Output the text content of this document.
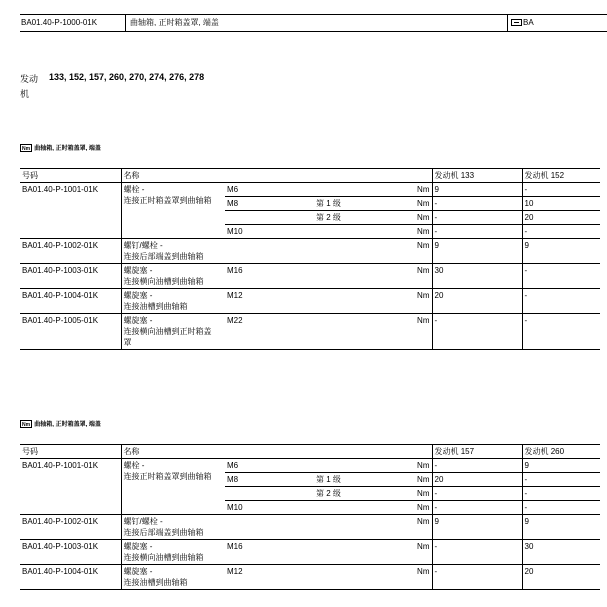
BA01.40-P-1000-01K	曲轴箱, 正时箱盖罩, 端盖	BA
发动
机
133, 152, 157, 260, 270, 274, 276, 278
Nm 曲轴箱, 正时箱盖罩, 端盖
号码	名称				发动机 133	发动机 152
BA01.40-P-1001-01K	螺栓 -
连接正时箱盖罩到曲轴箱	M6		Nm	9	-
		M8	第 1 级	Nm	-	10
			第 2 级	Nm	-	20
		M10		Nm	-	-
BA01.40-P-1002-01K	螺钉/螺栓 -
连接后部端盖到曲轴箱			Nm	9	9
BA01.40-P-1003-01K	螺旋塞 -
连接横向油槽到曲轴箱	M16		Nm	30	-
BA01.40-P-1004-01K	螺旋塞 -
连接油槽到曲轴箱	M12		Nm	20	-
BA01.40-P-1005-01K	螺旋塞 -
连接横向油槽到正时箱盖
罩	M22		Nm	-	-
Nm 曲轴箱, 正时箱盖罩, 端盖
号码	名称				发动机 157	发动机 260
BA01.40-P-1001-01K	螺栓 -
连接正时箱盖罩到曲轴箱	M6		Nm	-	9
		M8	第 1 级	Nm	20	-
			第 2 级	Nm	-	-
		M10		Nm	-	-
BA01.40-P-1002-01K	螺钉/螺栓 -
连接后部端盖到曲轴箱			Nm	9	9
BA01.40-P-1003-01K	螺旋塞 -
连接横向油槽到曲轴箱	M16		Nm	-	30
BA01.40-P-1004-01K	螺旋塞 -
连接油槽到曲轴箱	M12		Nm	-	20
